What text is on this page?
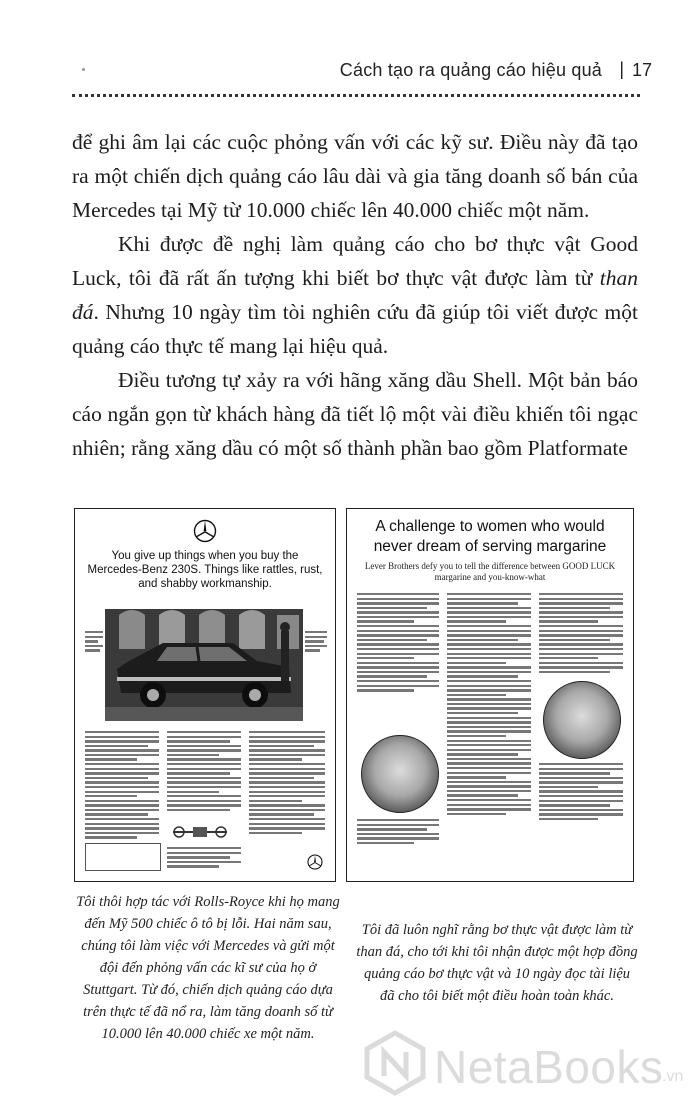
Cách tạo ra quảng cáo hiệu quả | 17

để ghi âm lại các cuộc phỏng vấn với các kỹ sư. Điều này đã tạo ra một chiến dịch quảng cáo lâu dài và gia tăng doanh số bán của Mercedes tại Mỹ từ 10.000 chiếc lên 40.000 chiếc một năm.

Khi được đề nghị làm quảng cáo cho bơ thực vật Good Luck, tôi đã rất ấn tượng khi biết bơ thực vật được làm từ than đá. Nhưng 10 ngày tìm tòi nghiên cứu đã giúp tôi viết được một quảng cáo thực tế mang lại hiệu quả.

Điều tương tự xảy ra với hãng xăng dầu Shell. Một bản báo cáo ngắn gọn từ khách hàng đã tiết lộ một vài điều khiến tôi ngạc nhiên; rằng xăng dầu có một số thành phần bao gồm Platformate

You give up things when you buy the Mercedes-Benz 230S. Things like rattles, rust, and shabby workmanship.
A challenge to women who would never dream of serving margarine
Lever Brothers defy you to tell the difference between GOOD LUCK margarine and you-know-what
Tôi thôi hợp tác với Rolls-Royce khi họ mang đến Mỹ 500 chiếc ô tô bị lỗi. Hai năm sau, chúng tôi làm việc với Mercedes và gửi một đội đến phỏng vấn các kĩ sư của họ ở Stuttgart. Từ đó, chiến dịch quảng cáo dựa trên thực tế đã nổ ra, làm tăng doanh số từ 10.000 lên 40.000 chiếc xe một năm.
Tôi đã luôn nghĩ rằng bơ thực vật được làm từ than đá, cho tới khi tôi nhận được một hợp đồng quảng cáo bơ thực vật và 10 ngày đọc tài liệu đã cho tôi biết một điều hoàn toàn khác.
NetaBooks
.vn
